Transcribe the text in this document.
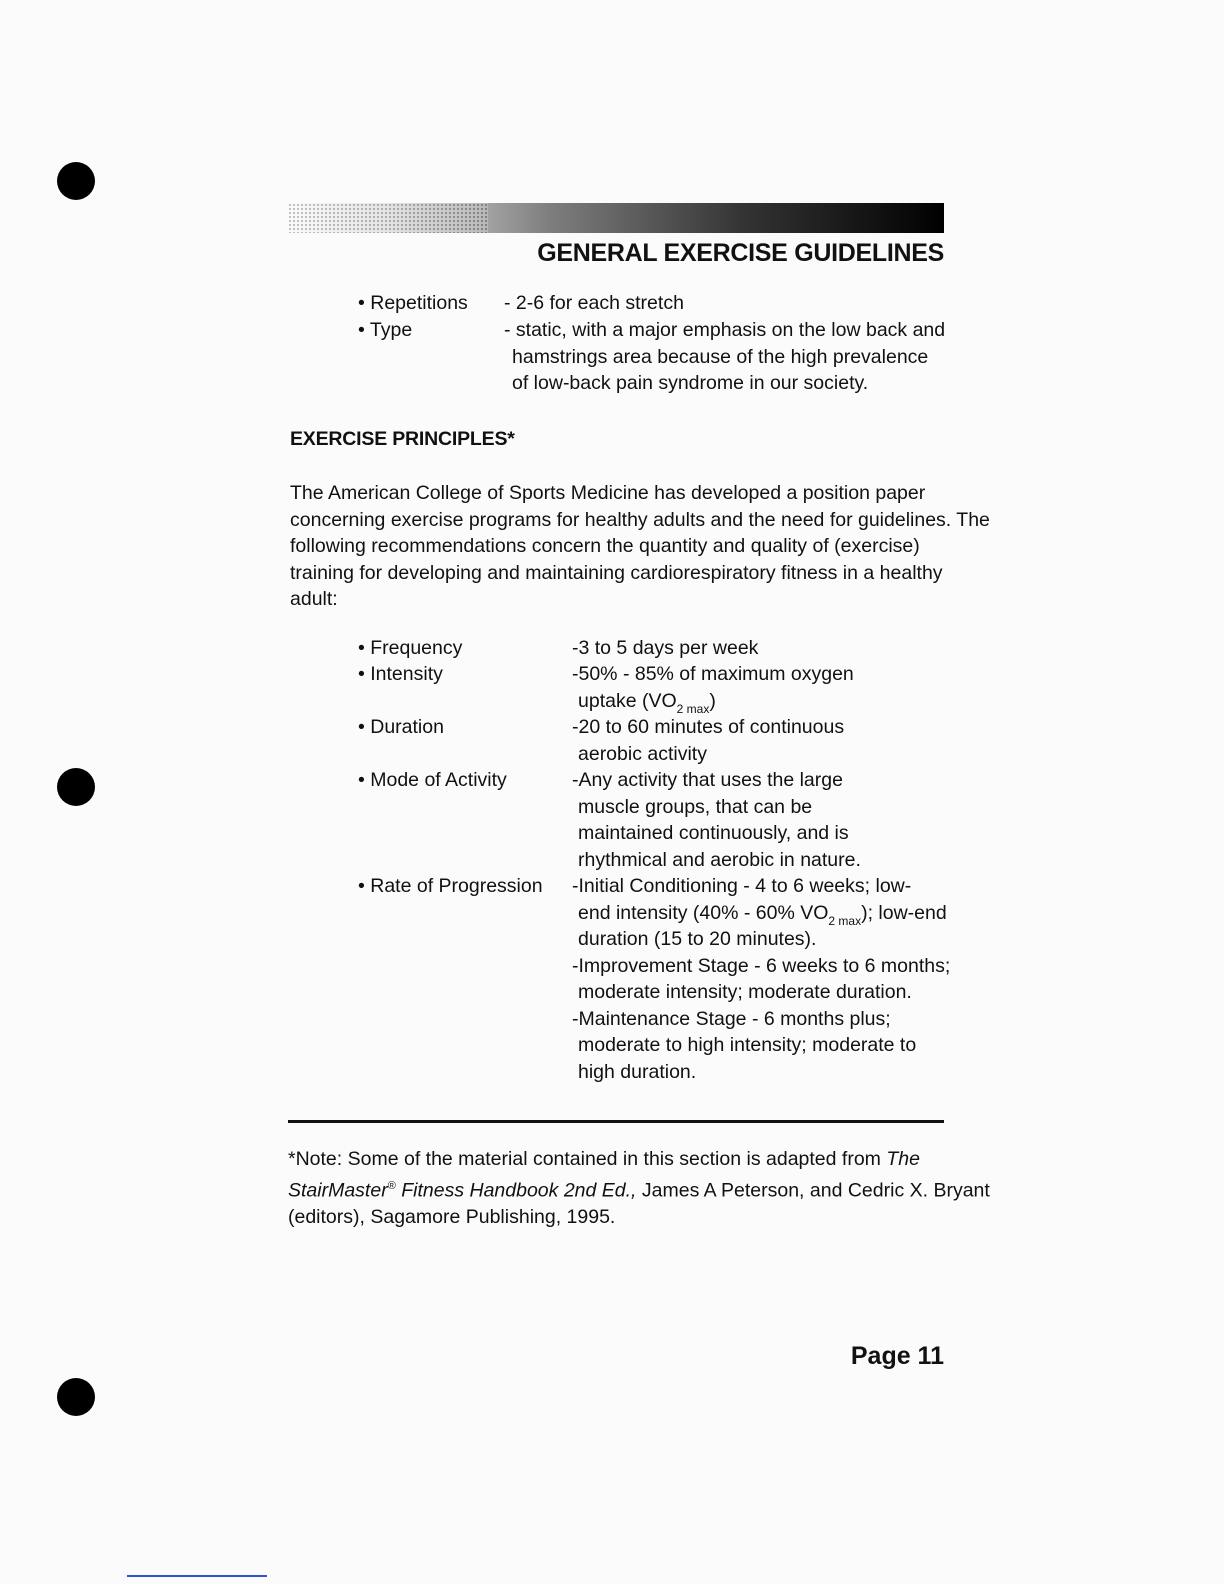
GENERAL EXERCISE GUIDELINES
• Repetitions - 2-6 for each stretch
• Type	- static, with a major emphasis on the low back and
hamstrings area because of the high prevalence
of low-back pain syndrome in our society.
EXERCISE PRINCIPLES*
The American College of Sports Medicine has developed a position paper
concerning exercise programs for healthy adults and the need for guidelines. The
following recommendations concern the quantity and quality of (exercise)
training for developing and maintaining cardiorespiratory fitness in a healthy
adult:
• Frequency	-3 to 5 days per week
• Intensity	-50% - 85% of maximum oxygen
uptake $(VO_{2 max})$
• Duration	-20 to 60 minutes of continuous
aerobic activity
• Mode of Activity	-Any activity that uses the large
muscle groups, that can be
maintained continuously, and is
rhythmical and aerobic in nature.
• Rate of Progression -Initial Conditioning - 4 to 6 weeks; low-
end intensity (40% - 60% $VO_{2 max}$); low-end
duration (15 to 20 minutes).
-Improvement Stage - 6 weeks to 6 months;
moderate intensity; moderate duration.
-Maintenance Stage - 6 months plus;
moderate to high intensity; moderate to
high duration.
*Note: Some of the material contained in this section is adapted from The
StairMaster® Fitness Handbook 2nd Ed., James A Peterson, and Cedric X. Bryant
(editors), Sagamore Publishing, 1995.
Page 11
